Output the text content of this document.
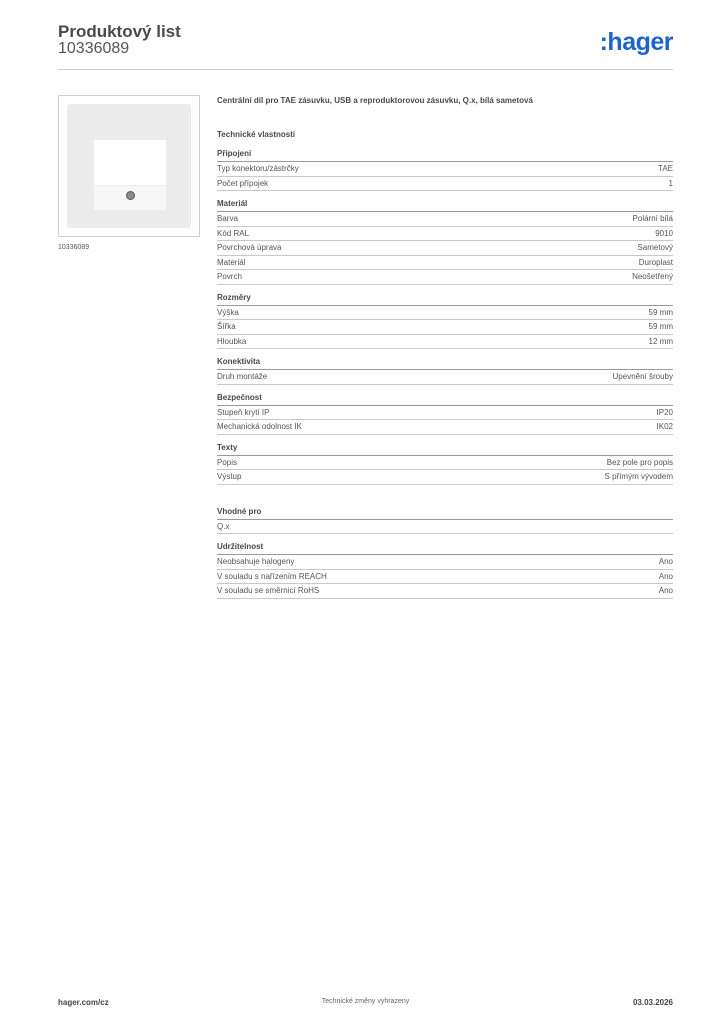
Produktový list
10336089	:hager
10336089
Centrální díl pro TAE zásuvku, USB a reproduktorovou zásuvku, Q.x, bílá sametová
Technické vlastnosti
Připojení
Typ konektoru/zástrčky	TAE
Počet přípojek	1
Materiál
Barva	Polární bílá
Kód RAL	9010
Povrchová úprava	Sametový
Materiál	Duroplast
Povrch	Neošetřený
Rozměry
Výška	59 mm
Šířka	59 mm
Hloubka	12 mm
Konektivita
Druh montáže	Upevnění šrouby
Bezpečnost
Stupeň krytí IP	IP20
Mechanická odolnost IK	IK02
Texty
Popis	Bez pole pro popis
Výstup	S přímým vývodem
Vhodné pro
Q.x
Udržitelnost
Neobsahuje halogeny	Ano
V souladu s nařízením REACH	Ano
V souladu se směrnicí RoHS	Ano
hager.com/cz	Technické změny vyhrazeny	03.03.2026
